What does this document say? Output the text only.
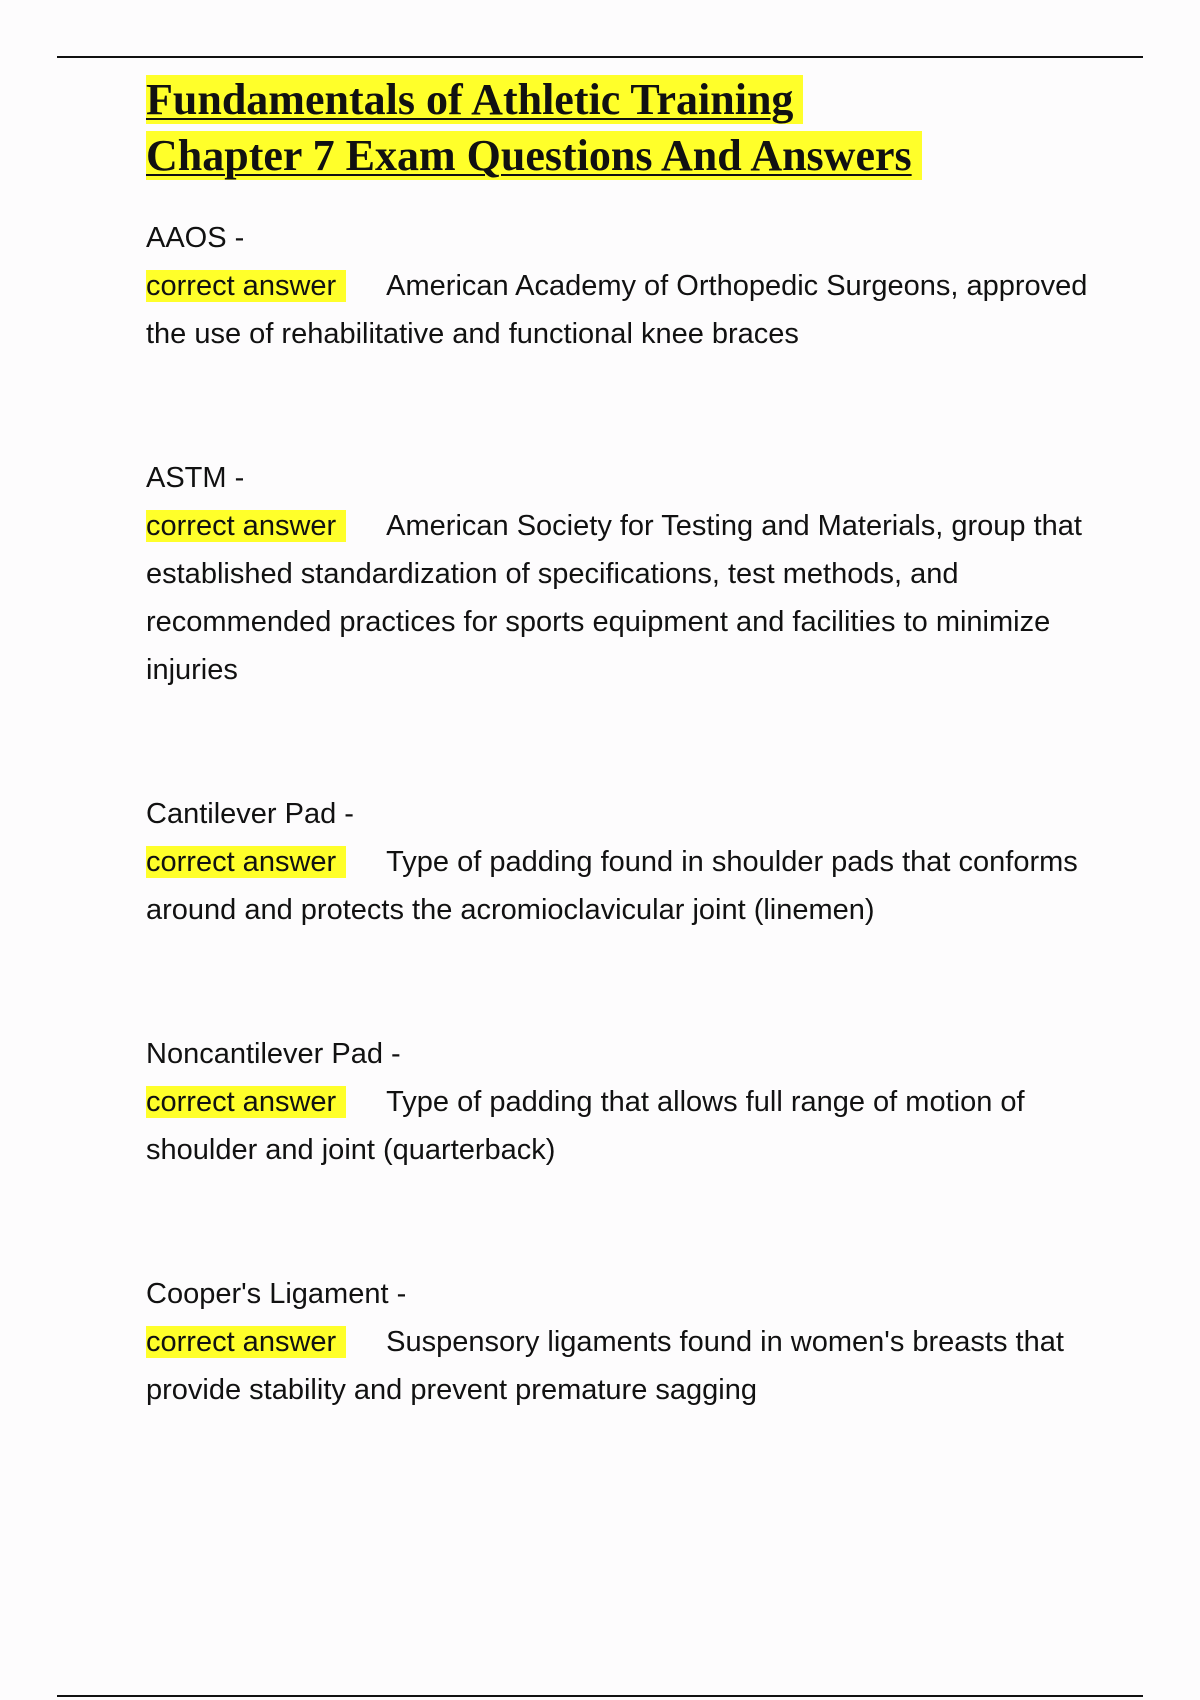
Fundamentals of Athletic Training
Chapter 7 Exam Questions And Answers
AAOS -
correct answer American Academy of Orthopedic Surgeons, approved the use of rehabilitative and functional knee braces
ASTM -
correct answer American Society for Testing and Materials, group that established standardization of specifications, test methods, and recommended practices for sports equipment and facilities to minimize injuries
Cantilever Pad -
correct answer Type of padding found in shoulder pads that conforms around and protects the acromioclavicular joint (linemen)
Noncantilever Pad -
correct answer Type of padding that allows full range of motion of shoulder and joint (quarterback)
Cooper's Ligament -
correct answer Suspensory ligaments found in women's breasts that provide stability and prevent premature sagging
